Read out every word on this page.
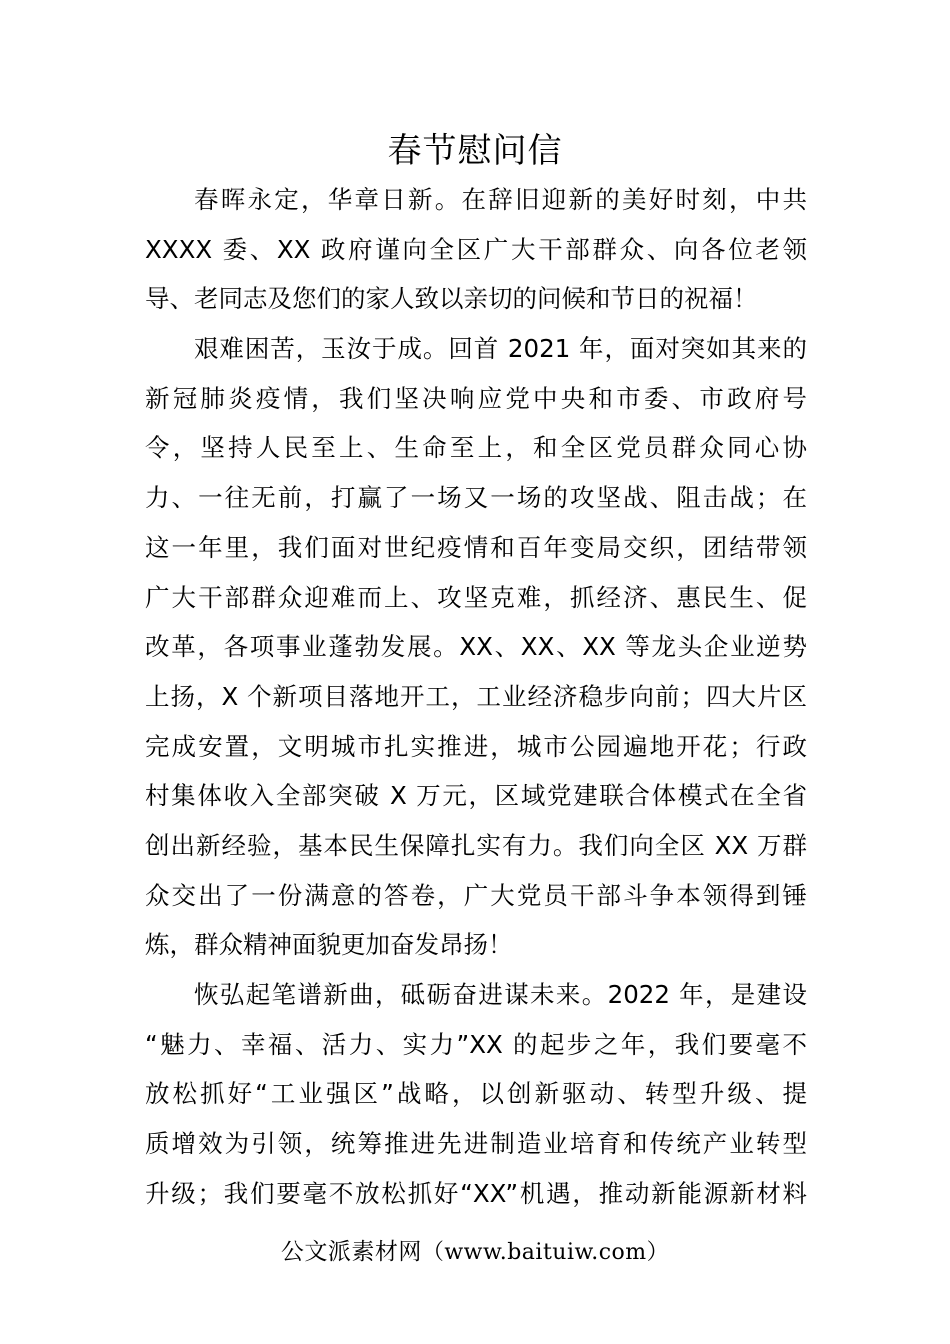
春节慰问信
春晖永定，华章日新。在辞旧迎新的美好时刻，中共
XXXX 委、XX 政府谨向全区广大干部群众、向各位老领
导、老同志及您们的家人致以亲切的问候和节日的祝福！
艰难困苦，玉汝于成。回首 2021 年，面对突如其来的
新冠肺炎疫情，我们坚决响应党中央和市委、市政府号
令，坚持人民至上、生命至上，和全区党员群众同心协
力、一往无前，打赢了一场又一场的攻坚战、阻击战；在
这一年里，我们面对世纪疫情和百年变局交织，团结带领
广大干部群众迎难而上、攻坚克难，抓经济、惠民生、促
改革，各项事业蓬勃发展。XX、XX、XX 等龙头企业逆势
上扬，X 个新项目落地开工，工业经济稳步向前；四大片区
完成安置，文明城市扎实推进，城市公园遍地开花；行政
村集体收入全部突破 X 万元，区域党建联合体模式在全省
创出新经验，基本民生保障扎实有力。我们向全区 XX 万群
众交出了一份满意的答卷，广大党员干部斗争本领得到锤
炼，群众精神面貌更加奋发昂扬！
恢弘起笔谱新曲，砥砺奋进谋未来。2022 年，是建设
“魅力、幸福、活力、实力”XX 的起步之年，我们要毫不
放松抓好“工业强区”战略，以创新驱动、转型升级、提
质增效为引领，统筹推进先进制造业培育和传统产业转型
升级；我们要毫不放松抓好“XX”机遇，推动新能源新材料
公文派素材网（www.baituiw.com）
